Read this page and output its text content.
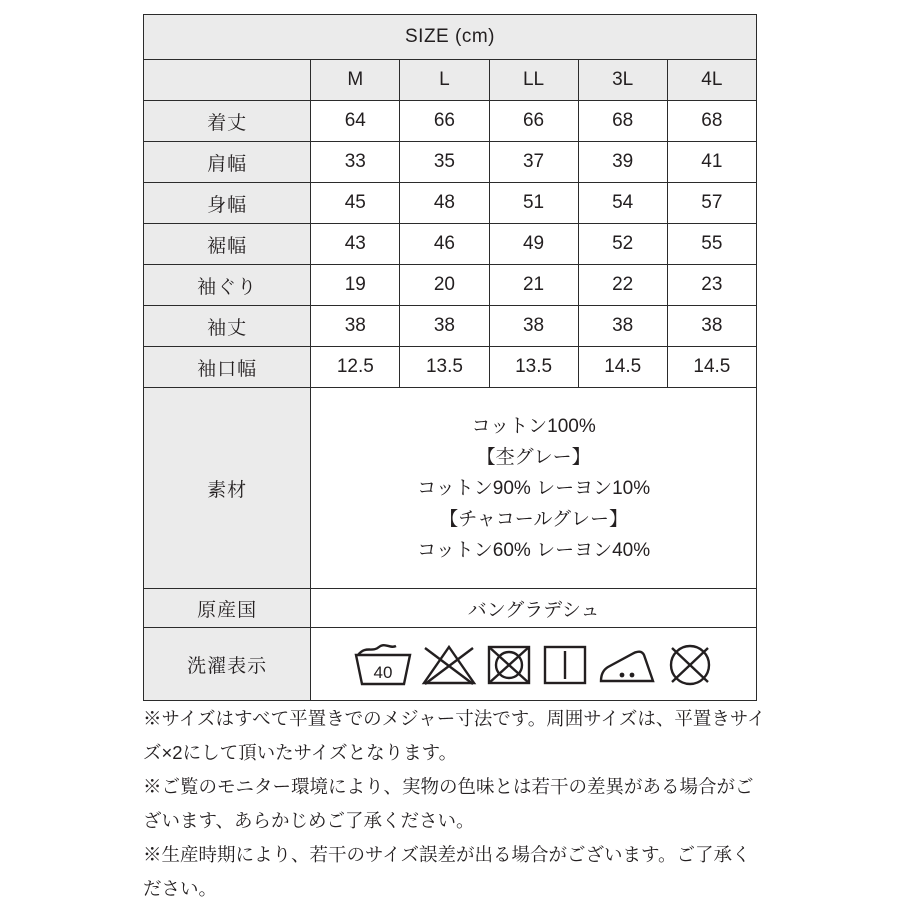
SIZE (cm)					
	M	L	LL	3L	4L
着丈	64	66	66	68	68
肩幅	33	35	37	39	41
身幅	45	48	51	54	57
裾幅	43	46	49	52	55
袖ぐり	19	20	21	22	23
袖丈	38	38	38	38	38
袖口幅	12.5	13.5	13.5	14.5	14.5
素材	コットン100%
【杢グレー】
コットン90% レーヨン10%
【チャコールグレー】
コットン60% レーヨン40%				

原産国	バングラデシュ				
洗濯表示	40				

※サイズはすべて平置きでのメジャー寸法です。周囲サイズは、平置きサイズ×2にして頂いたサイズとなります。

※ご覧のモニター環境により、実物の色味とは若干の差異がある場合がございます、あらかじめご了承ください。

※生産時期により、若干のサイズ誤差が出る場合がございます。ご了承ください。
